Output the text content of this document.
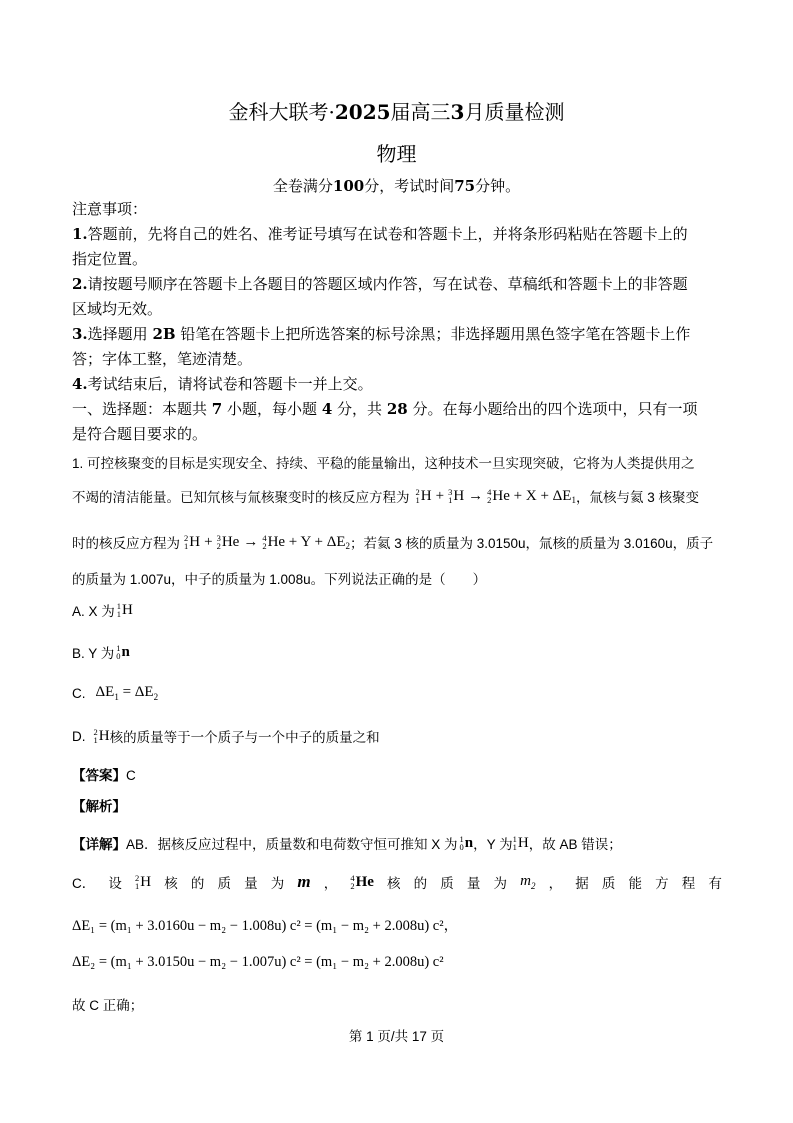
金科大联考·2025届高三3月质量检测
物理
全卷满分100分，考试时间75分钟。
注意事项：
1.答题前，先将自己的姓名、准考证号填写在试卷和答题卡上，并将条形码粘贴在答题卡上的
指定位置。
2.请按题号顺序在答题卡上各题目的答题区域内作答，写在试卷、草稿纸和答题卡上的非答题
区域均无效。
3.选择题用 2B 铅笔在答题卡上把所选答案的标号涂黑；非选择题用黑色签字笔在答题卡上作
答；字体工整，笔迹清楚。
4.考试结束后，请将试卷和答题卡一并上交。
一、选择题：本题共 7 小题，每小题 4 分，共 28 分。在每小题给出的四个选项中，只有一项
是符合题目要求的。
1. 可控核聚变的目标是实现安全、持续、平稳的能量输出，这种技术一旦实现突破，它将为人类提供用之
不竭的清洁能量。已知氘核与氚核聚变时的核反应方程为 2
1 H + 3
1 H → 4
2 $He + X + \Delta E_1$ ，氚核与氦 3 核聚变
时的核反应方程为 2
1 H + 3
2 He → 4
2 $He + Y + \Delta E_2$ ；若氦 3 核的质量为 3.0150u，氚核的质量为 3.0160u，质子
的质量为 1.007u，中子的质量为 1.008u。下列说法正确的是（　　）
A. X 为 1
1 H
B. Y 为 1
0 n
C. $\Delta E_1 = \Delta E_2$
D. 2
1 H 核的质量等于一个质子与一个中子的质量之和
【答案】C
【解析】
【详解】 AB．据核反应过程中，质量数和电荷数守恒可推知 X 为 1
0 n ，Y 为 1
1 H ，故 AB 错误；
C． 设 2
1 H 核 的 质 量 为 m ， 4
2 He 核 的 质 量 为 $m_2$ ， 据 质 能 方 程 有
ΔE₁ = (m₁ + 3.0160u − m₂ − 1.008u) c² = (m₁ − m₂ + 2.008u) c²，
ΔE₂ = (m₁ + 3.0150u − m₂ − 1.007u) c² = (m₁ − m₂ + 2.008u) c²
故 C 正确；
第 1 页/共 17 页
